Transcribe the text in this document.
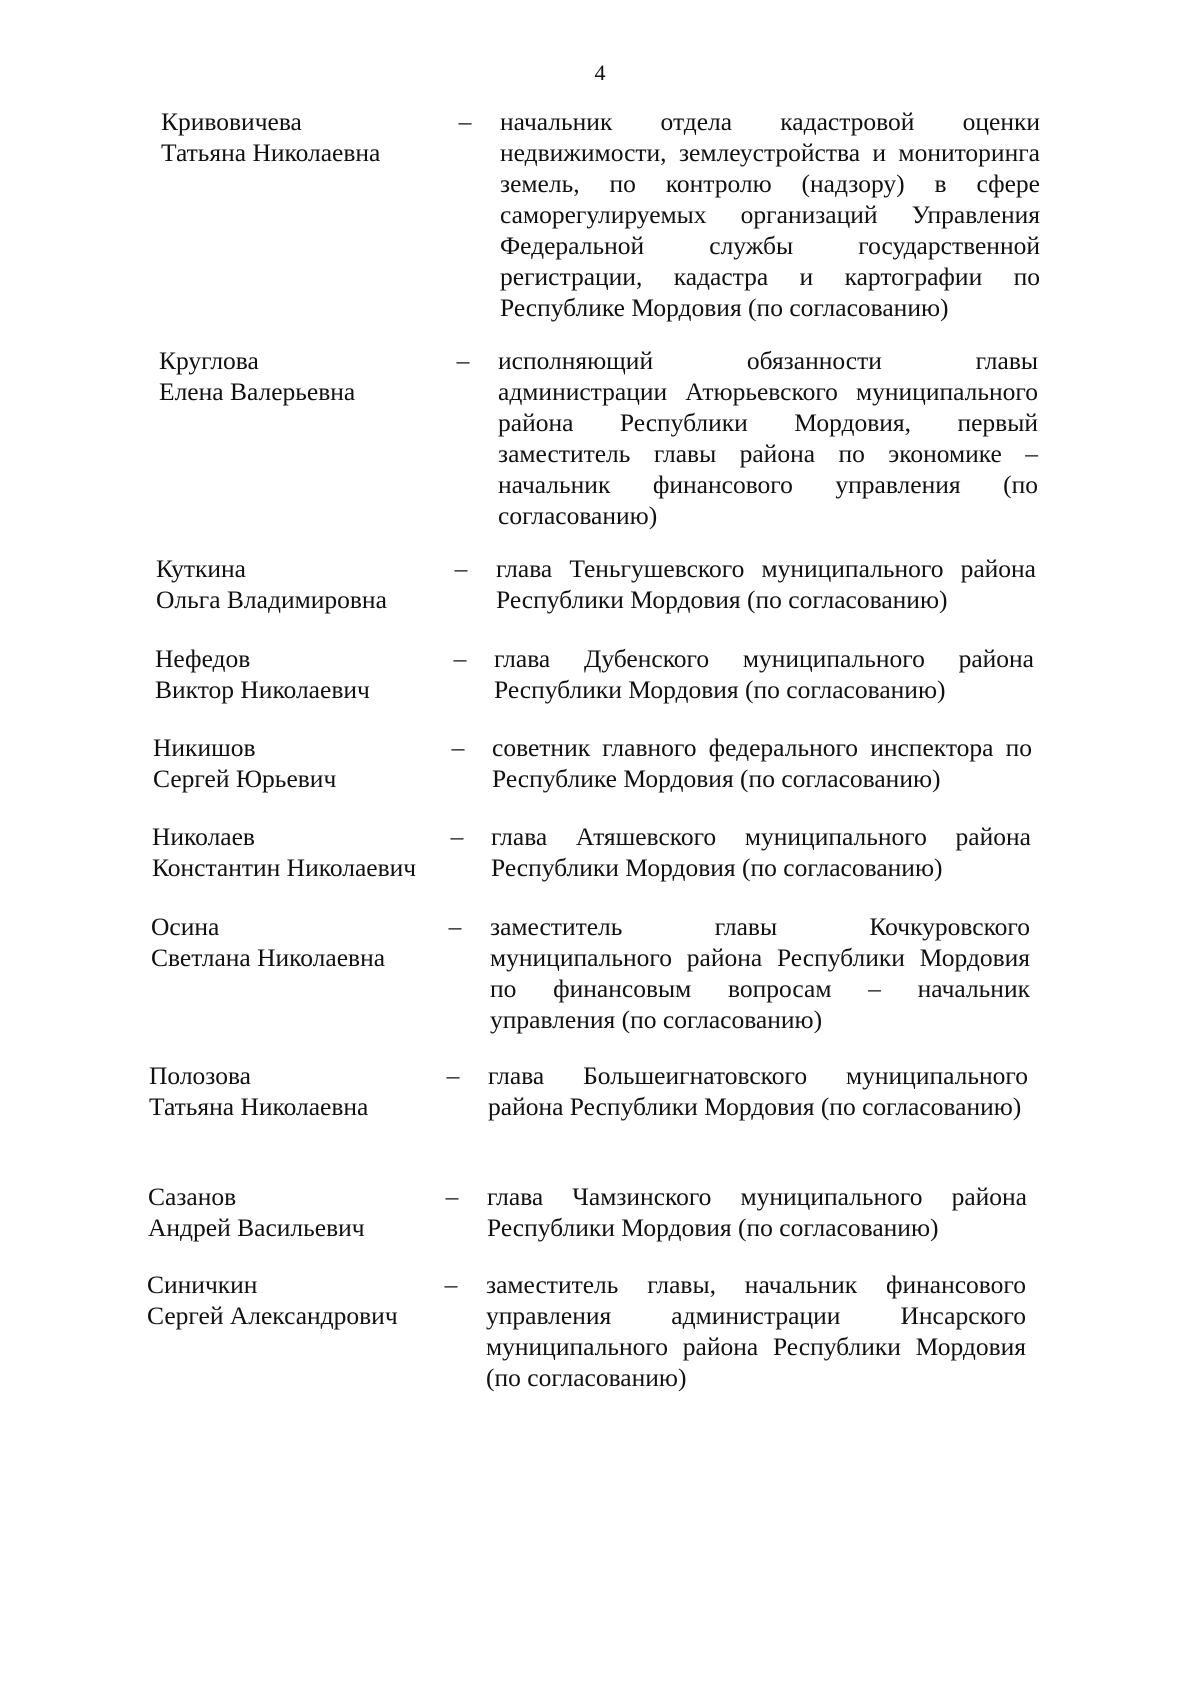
4
Кривовичева
Татьяна Николаевна
– начальник отдела кадастровой оценки недвижимости, землеустройства и мониторинга земель, по контролю (надзору) в сфере саморегулируемых организаций Управления Федеральной службы государственной регистрации, кадастра и картографии по Республике Мордовия (по согласованию)
Круглова
Елена Валерьевна
– исполняющий обязанности главы администрации Атюрьевского муниципального района Республики Мордовия, первый заместитель главы района по экономике – начальник финансового управления (по согласованию)
Куткина
Ольга Владимировна
– глава Теньгушевского муниципального района Республики Мордовия (по согласованию)
Нефедов
Виктор Николаевич
– глава Дубенского муниципального района Республики Мордовия (по согласованию)
Никишов
Сергей Юрьевич
– советник главного федерального инспектора по Республике Мордовия (по согласованию)
Николаев
Константин Николаевич
– глава Атяшевского муниципального района Республики Мордовия (по согласованию)
Осина
Светлана Николаевна
– заместитель главы Кочкуровского муниципального района Республики Мордовия по финансовым вопросам – начальник управления (по согласованию)
Полозова
Татьяна Николаевна
– глава Большеигнатовского муниципального района Республики Мордовия (по согласованию)
Сазанов
Андрей Васильевич
– глава Чамзинского муниципального района Республики Мордовия (по согласованию)
Синичкин
Сергей Александрович
– заместитель главы, начальник финансового управления администрации Инсарского муниципального района Республики Мордовия (по согласованию)
